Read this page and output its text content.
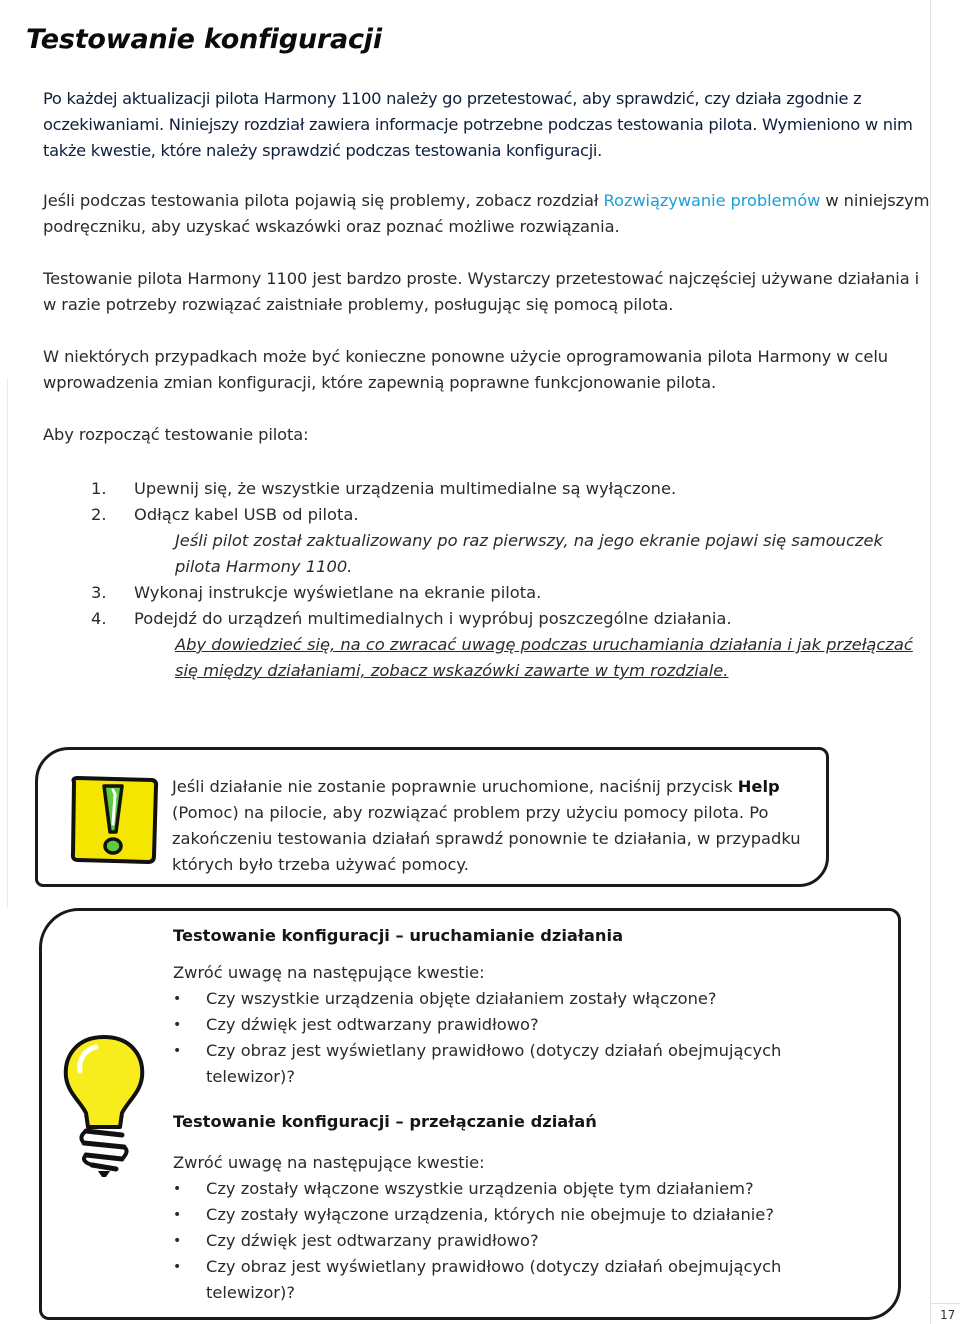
Testowanie konfiguracji

Po każdej aktualizacji pilota Harmony 1100 należy go przetestować, aby sprawdzić, czy działa zgodnie z oczekiwaniami. Niniejszy rozdział zawiera informacje potrzebne podczas testowania pilota. Wymieniono w nim także kwestie, które należy sprawdzić podczas testowania konfiguracji.

Jeśli podczas testowania pilota pojawią się problemy, zobacz rozdział Rozwiązywanie problemów w niniejszym podręczniku, aby uzyskać wskazówki oraz poznać możliwe rozwiązania.

Testowanie pilota Harmony 1100 jest bardzo proste. Wystarczy przetestować najczęściej używane działania i w razie potrzeby rozwiązać zaistniałe problemy, posługując się pomocą pilota.

W niektórych przypadkach może być konieczne ponowne użycie oprogramowania pilota Harmony w celu wprowadzenia zmian konfiguracji, które zapewnią poprawne funkcjonowanie pilota.

Aby rozpocząć testowanie pilota:

1. Upewnij się, że wszystkie urządzenia multimedialne są wyłączone.
2. Odłącz kabel USB od pilota.
Jeśli pilot został zaktualizowany po raz pierwszy, na jego ekranie pojawi się samouczek pilota Harmony 1100.
3. Wykonaj instrukcje wyświetlane na ekranie pilota.
4. Podejdź do urządzeń multimedialnych i wypróbuj poszczególne działania.
Aby dowiedzieć się, na co zwracać uwagę podczas uruchamiania działania i jak przełączać się między działaniami, zobacz wskazówki zawarte w tym rozdziale.

Jeśli działanie nie zostanie poprawnie uruchomione, naciśnij przycisk Help (Pomoc) na pilocie, aby rozwiązać problem przy użyciu pomocy pilota. Po zakończeniu testowania działań sprawdź ponownie te działania, w przypadku których było trzeba używać pomocy.

Testowanie konfiguracji – uruchamianie działania

Zwróć uwagę na następujące kwestie:

• Czy wszystkie urządzenia objęte działaniem zostały włączone?
• Czy dźwięk jest odtwarzany prawidłowo?
• Czy obraz jest wyświetlany prawidłowo (dotyczy działań obejmujących telewizor)?

Testowanie konfiguracji – przełączanie działań

Zwróć uwagę na następujące kwestie:

• Czy zostały włączone wszystkie urządzenia objęte tym działaniem?
• Czy zostały wyłączone urządzenia, których nie obejmuje to działanie?
• Czy dźwięk jest odtwarzany prawidłowo?
• Czy obraz jest wyświetlany prawidłowo (dotyczy działań obejmujących telewizor)?
17
